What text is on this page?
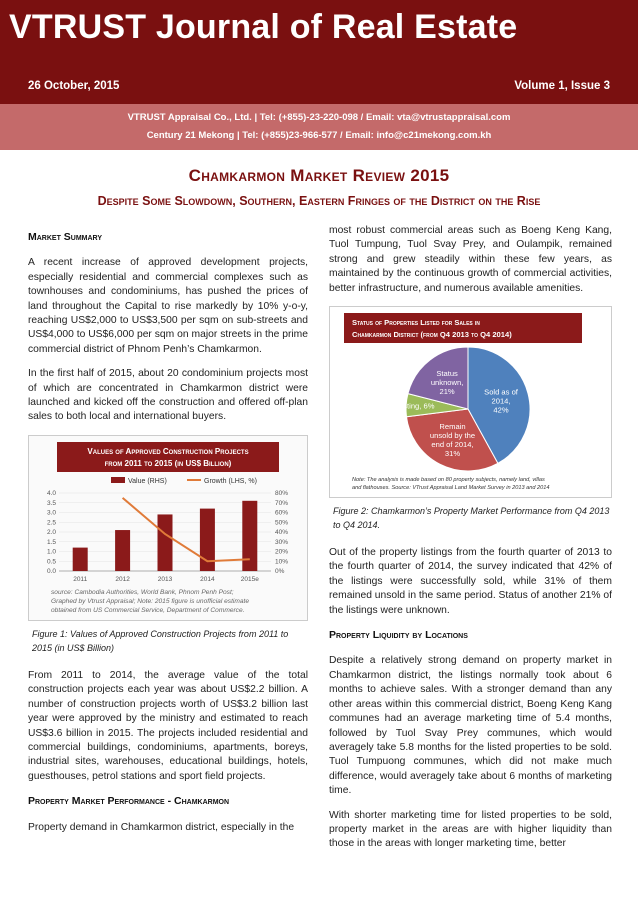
VTRUST Journal of Real Estate
26 October, 2015	Volume 1, Issue 3
VTRUST Appraisal Co., Ltd. | Tel: (+855)-23-220-098 / Email: vta@vtrustappraisal.com
Century 21 Mekong | Tel: (+855)23-966-577 / Email: info@c21mekong.com.kh
Chamkarmon Market Review 2015
Despite Some Slowdown, Southern, Eastern Fringes of the District on the Rise

Market Summary

A recent increase of approved development projects, especially residential and commercial complexes such as townhouses and condominiums, has pushed the prices of land throughout the Capital to rise markedly by 10% y-o-y, reaching US$2,000 to US$3,500 per sqm on sub-streets and US$4,000 to US$6,000 per sqm on major streets in the prime commercial district of Phnom Penh’s Chamkarmon.

In the first half of 2015, about 20 condominium projects most of which are concentrated in Chamkarmon district were launched and kicked off the construction and offered off-plan sales to both local and international buyers.

Values of Approved Construction Projects
from 2011 to 2015 (in US$ Billion)
Value (RHS)	Growth (LHS, %)
4.0
3.5
3.0
2.5
2.0
1.5
1.0
0.5
0.0
80%
70%
60%
50%
40%
30%
20%
10%
0%
2011	2012	2013	2014	2015e
source: Cambodia Authorities, World Bank, Phnom Penh Post;
Graphed by Vtrust Appraisal; Note: 2015 figure is unofficial estimate
obtained from US Commercial Service, Department of Commerce.

Figure 1: Values of Approved Construction Projects from 2011 to 2015 (in US$ Billion)

From 2011 to 2014, the average value of the total construction projects each year was about US$2.2 billion. A number of construction projects worth of US$3.2 billion last year were approved by the ministry and estimated to reach US$3.6 billion in 2015. The projects included residential and commercial buildings, condominiums, apartments, boreys, industrial sites, warehouses, educational buildings, hotels, guesthouses, petrol stations and sport field projects.

Property Market Performance - Chamkarmon

Property demand in Chamkarmon district, especially in the

most robust commercial areas such as Boeng Keng Kang, Tuol Tumpung, Tuol Svay Prey, and Oulampik, remained strong and grew steadily within these few years, as maintained by the continuous growth of commercial activities, better infrastructure, and numerous available amenities.

Status of Properties Listed for Sales in
Chamkarmon District (from Q4 2013 to Q4 2014)
Sold as of
2014,
42%
Remain
unsold by the
end of 2014,
31%
Delisting, 6%
Status
unknown,
21%
Note: The analysis is made based on 80 property subjects, namely land, villas
and flathouses. Source: VTrust Appraisal Land Market Survey in 2013 and 2014

Figure 2: Chamkarmon’s Property Market Performance from Q4 2013 to Q4 2014.

Out of the property listings from the fourth quarter of 2013 to the fourth quarter of 2014, the survey indicated that 42% of the listings were successfully sold, while 31% of them remained unsold in the same period. Status of another 21% of the listings were unknown.

Property Liquidity by Locations

Despite a relatively strong demand on property market in Chamkarmon district, the listings normally took about 6 months to achieve sales. With a stronger demand than any other areas within this commercial district, Boeng Keng Kang communes had an average marketing time of 5.4 months, followed by Tuol Svay Prey communes, which would averagely take 5.8 months for the listed properties to be sold. Tuol Tumpuong communes, which did not make much difference, would averagely take about 6 months of marketing time.

With shorter marketing time for listed properties to be sold, property market in the areas are with higher liquidity than those in the areas with longer marketing time, better
